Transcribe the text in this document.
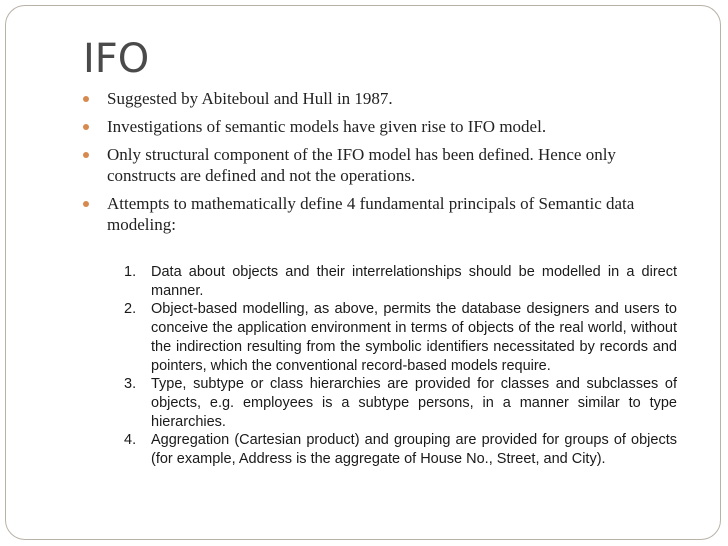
IFO
Suggested by Abiteboul and Hull in 1987.
Investigations of semantic models have given rise to IFO model.
Only structural component of the IFO model has been defined. Hence only constructs are defined and not the operations.
Attempts to mathematically define 4 fundamental principals of Semantic data modeling:
1. Data about objects and their interrelationships should be modelled in a direct manner.
2. Object-based modelling, as above, permits the database designers and users to conceive the application environment in terms of objects of the real world, without the indirection resulting from the symbolic identifiers necessitated by records and pointers, which the conventional record-based models require.
3. Type, subtype or class hierarchies are provided for classes and subclasses of objects, e.g. employees is a subtype persons, in a manner similar to type hierarchies.
4. Aggregation (Cartesian product) and grouping are provided for groups of objects (for example, Address is the aggregate of House No., Street, and City).
